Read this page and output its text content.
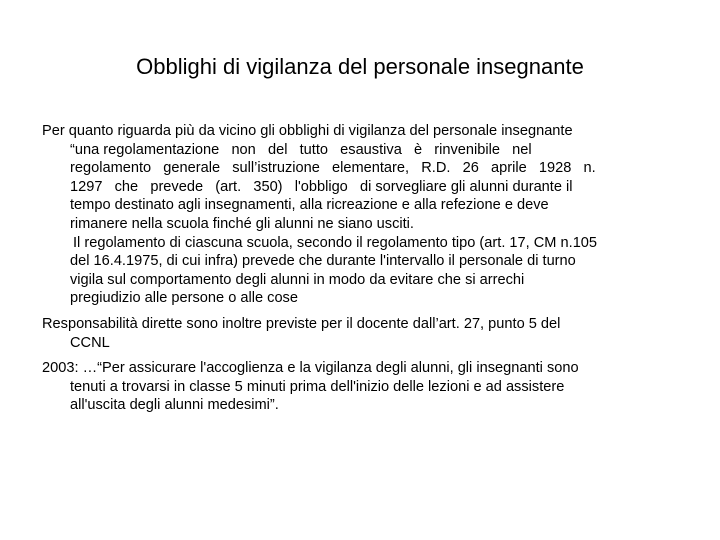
Obblighi di vigilanza del personale insegnante

Per quanto riguarda più da vicino gli obblighi di vigilanza del personale insegnante

“una regolamentazione   non   del   tutto   esaustiva   è   rinvenibile   nel

regolamento   generale   sull’istruzione   elementare,   R.D.   26   aprile   1928   n.

1297   che   prevede   (art.   350)   l'obbligo   di sorvegliare gli alunni durante il

tempo destinato agli insegnamenti, alla ricreazione e alla refezione e deve

rimanere nella scuola finché gli alunni ne siano usciti.

Il regolamento di ciascuna scuola, secondo il regolamento tipo (art. 17, CM n.105

del 16.4.1975, di cui infra) prevede che durante l'intervallo il personale di turno

vigila sul comportamento degli alunni in modo da evitare che si arrechi

pregiudizio alle persone o alle cose

Responsabilità dirette sono inoltre previste per il docente dall’art. 27, punto 5 del

CCNL

2003: …“Per assicurare l'accoglienza e la vigilanza degli alunni, gli insegnanti sono

tenuti a trovarsi in classe 5 minuti prima dell'inizio delle lezioni e ad assistere

all'uscita degli alunni medesimi”.
